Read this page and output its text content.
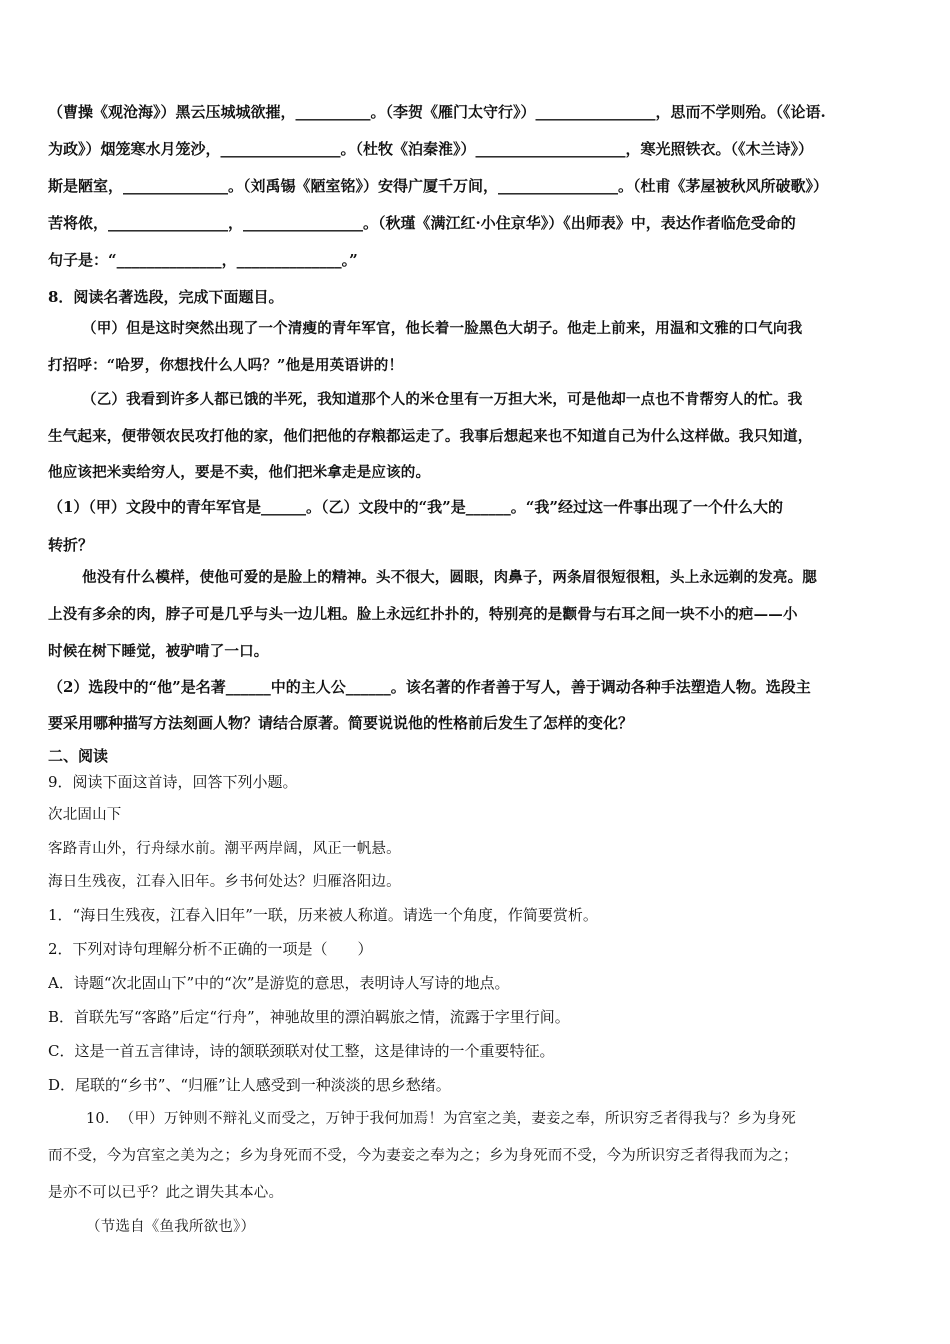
（曹操《观沧海》）黑云压城城欲摧，__________。（李贺《雁门太守行》）________________，思而不学则殆。（《论语.
为政》）烟笼寒水月笼沙，________________。（杜牧《泊秦淮》）____________________，寒光照铁衣。（《木兰诗》）
斯是陋室，______________。（刘禹锡《陋室铭》）安得广厦千万间，________________。（杜甫《茅屋被秋风所破歌》）
苦将侬，________________，________________。（秋瑾《满江红·小住京华》）《出师表》中，表达作者临危受命的
句子是：“______________，______________。”
8．阅读名著选段，完成下面题目。
（甲）但是这时突然出现了一个清瘦的青年军官，他长着一脸黑色大胡子。他走上前来，用温和文雅的口气向我
打招呼：“哈罗，你想找什么人吗？”他是用英语讲的！
（乙）我看到许多人都已饿的半死，我知道那个人的米仓里有一万担大米，可是他却一点也不肯帮穷人的忙。我
生气起来，便带领农民攻打他的家，他们把他的存粮都运走了。我事后想起来也不知道自己为什么这样做。我只知道，
他应该把米卖给穷人，要是不卖，他们把米拿走是应该的。
（1）（甲）文段中的青年军官是______。（乙）文段中的“我”是______。“我”经过这一件事出现了一个什么大的
转折？
他没有什么模样，使他可爱的是脸上的精神。头不很大，圆眼，肉鼻子，两条眉很短很粗，头上永远剃的发亮。腮
上没有多余的肉，脖子可是几乎与头一边儿粗。脸上永远红扑扑的，特别亮的是颧骨与右耳之间一块不小的疤——小
时候在树下睡觉，被驴啃了一口。
（2）选段中的“他”是名著______中的主人公______。该名著的作者善于写人，善于调动各种手法塑造人物。选段主
要采用哪种描写方法刻画人物？请结合原著。简要说说他的性格前后发生了怎样的变化？
二、阅读
9．阅读下面这首诗，回答下列小题。
次北固山下
客路青山外，行舟绿水前。潮平两岸阔，风正一帆悬。
海日生残夜，江春入旧年。乡书何处达？归雁洛阳边。
1．“海日生残夜，江春入旧年”一联，历来被人称道。请选一个角度，作简要赏析。
2．下列对诗句理解分析不正确的一项是（　　）
A．诗题“次北固山下”中的“次”是游览的意思，表明诗人写诗的地点。
B．首联先写“客路”后定“行舟”，神驰故里的漂泊羁旅之情，流露于字里行间。
C．这是一首五言律诗，诗的颔联颈联对仗工整，这是律诗的一个重要特征。
D．尾联的“乡书”、“归雁”让人感受到一种淡淡的思乡愁绪。
10．　（甲）万钟则不辩礼义而受之，万钟于我何加焉！为宫室之美，妻妾之奉，所识穷乏者得我与？乡为身死
而不受，今为宫室之美为之；乡为身死而不受，今为妻妾之奉为之；乡为身死而不受，今为所识穷乏者得我而为之；
是亦不可以已乎？此之谓失其本心。
（节选自《鱼我所欲也》）
